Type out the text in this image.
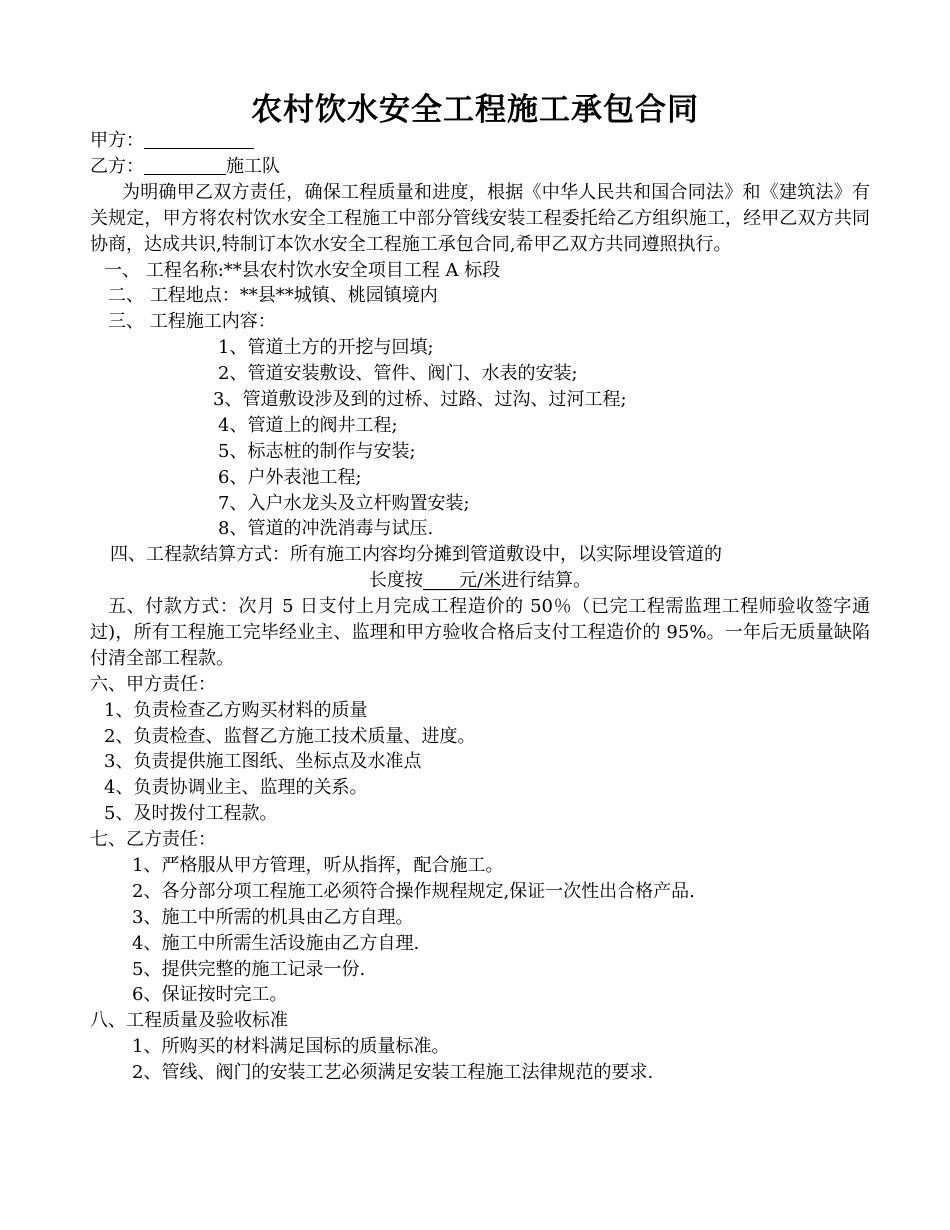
农村饮水安全工程施工承包合同
甲方：
乙方：	施工队
为明确甲乙双方责任，确保工程质量和进度，根据《中华人民共和国合同法》和《建筑法》有关规定，甲方将农村饮水安全工程施工中部分管线安装工程委托给乙方组织施工，经甲乙双方共同协商，达成共识,特制订本饮水安全工程施工承包合同,希甲乙双方共同遵照执行。
一、 工程名称:**县农村饮水安全项目工程 A 标段
二、 工程地点：**县**城镇、桃园镇境内
三、 工程施工内容：
1、管道土方的开挖与回填;
2、管道安装敷设、管件、阀门、水表的安装;
3、管道敷设涉及到的过桥、过路、过沟、过河工程;
4、管道上的阀井工程;
5、标志桩的制作与安装;
6、户外表池工程;
7、入户水龙头及立杆购置安装;
8、管道的冲洗消毒与试压.
四、工程款结算方式：所有施工内容均分摊到管道敷设中，以实际埋设管道的
长度按____元/米进行结算。
五、付款方式：次月 5 日支付上月完成工程造价的 50％（已完工程需监理工程师验收签字通过)，所有工程施工完毕经业主、监理和甲方验收合格后支付工程造价的 95%。一年后无质量缺陷付清全部工程款。
六、甲方责任：
1、负责检查乙方购买材料的质量
2、负责检查、监督乙方施工技术质量、进度。
3、负责提供施工图纸、坐标点及水准点
4、负责协调业主、监理的关系。
5、及时拨付工程款。
七、乙方责任：
1、严格服从甲方管理，听从指挥，配合施工。
2、各分部分项工程施工必须符合操作规程规定,保证一次性出合格产品.
3、施工中所需的机具由乙方自理。
4、施工中所需生活设施由乙方自理.
5、提供完整的施工记录一份.
6、保证按时完工。
八、工程质量及验收标准
1、所购买的材料满足国标的质量标准。
2、管线、阀门的安装工艺必须满足安装工程施工法律规范的要求.
